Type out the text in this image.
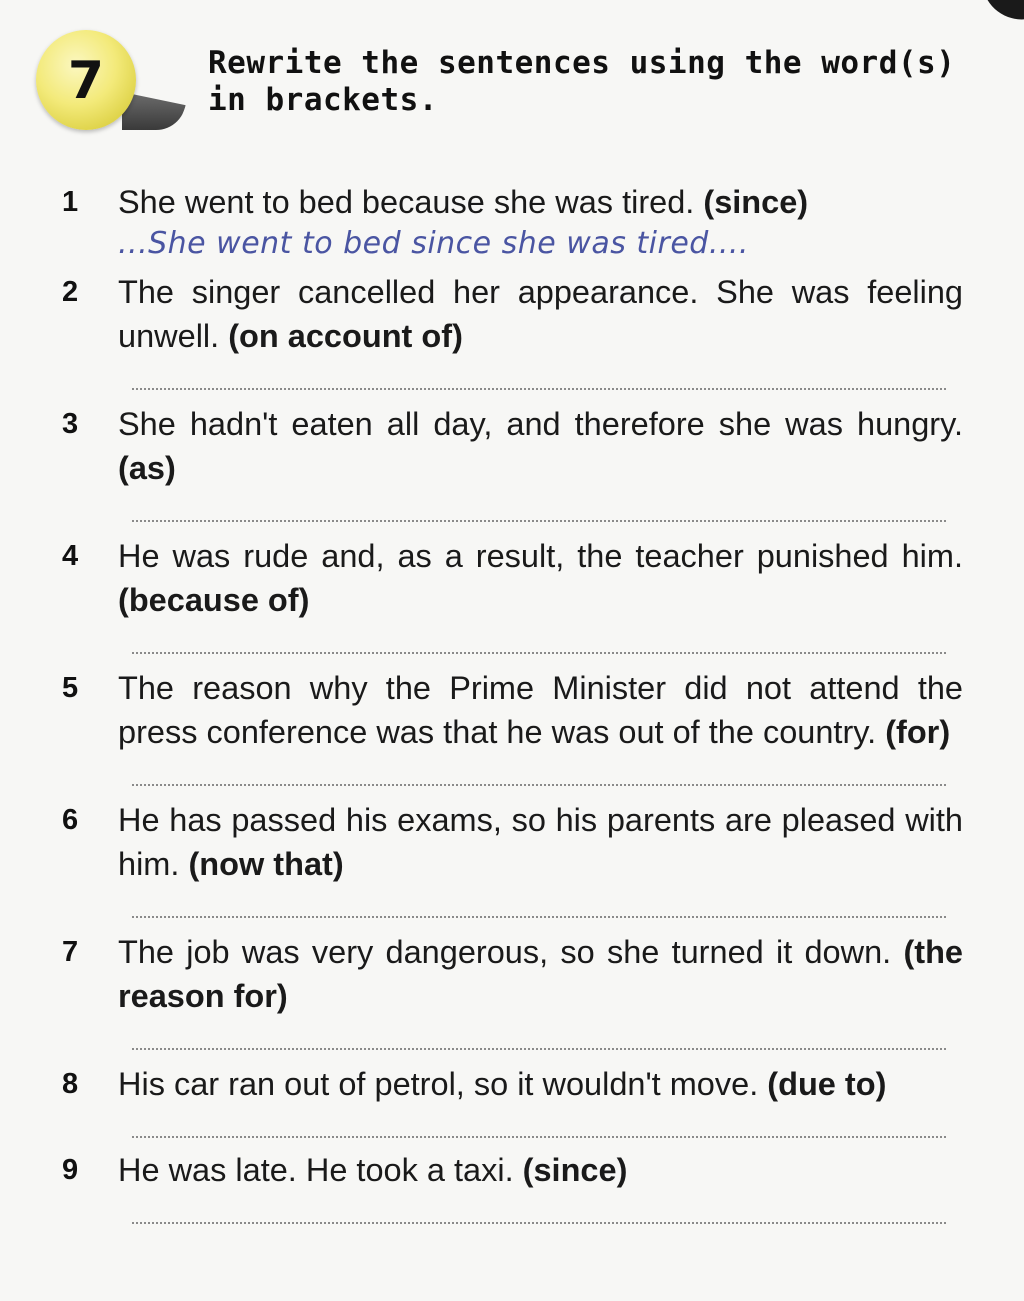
7	Rewrite the sentences using the word(s) in brackets.
1 She went to bed because she was tired. (since)
...She went to bed since she was tired....
2 The singer cancelled her appearance. She was feeling unwell. (on account of)
3 She hadn't eaten all day, and therefore she was hungry. (as)
4 He was rude and, as a result, the teacher punished him. (because of)
5 The reason why the Prime Minister did not attend the press conference was that he was out of the country. (for)
6 He has passed his exams, so his parents are pleased with him. (now that)
7 The job was very dangerous, so she turned it down. (the reason for)
8 His car ran out of petrol, so it wouldn't move. (due to)
9 He was late. He took a taxi. (since)
